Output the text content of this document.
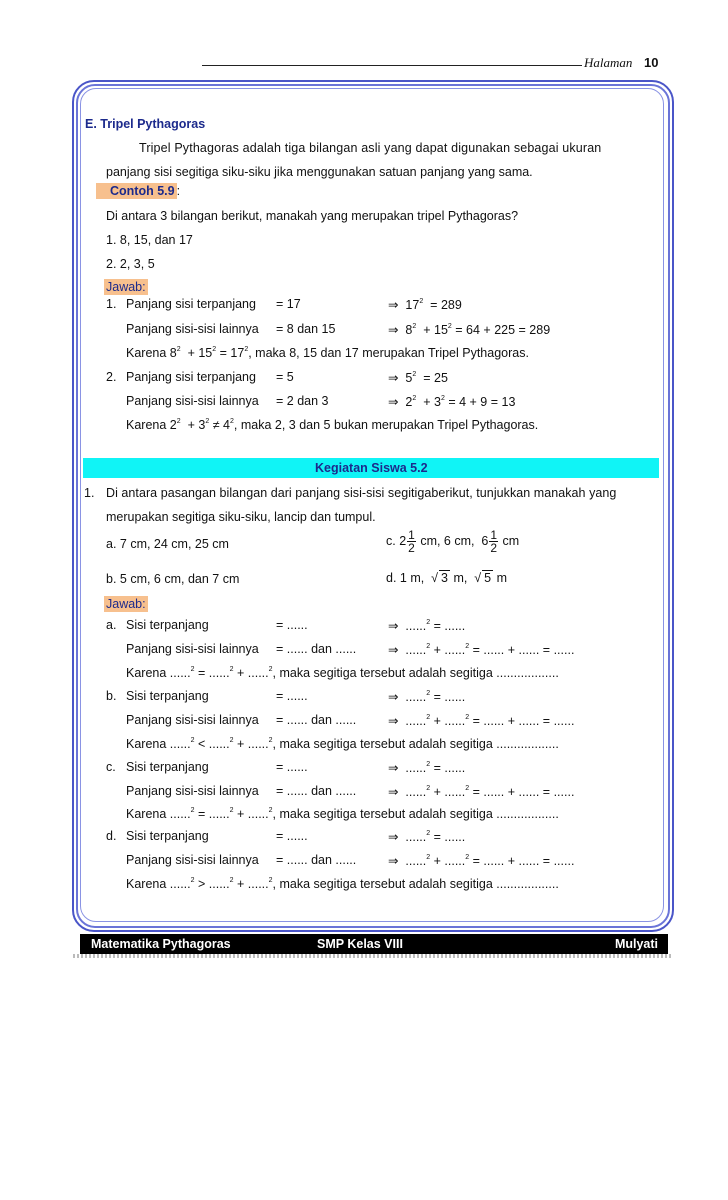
Halaman 10
E. Tripel Pythagoras
Tripel Pythagoras adalah tiga bilangan asli yang dapat digunakan sebagai ukuran
panjang sisi segitiga siku-siku jika menggunakan satuan panjang yang sama.
Contoh 5.9 :
Di antara 3 bilangan berikut, manakah yang merupakan tripel Pythagoras?
1. 8, 15, dan 17
2. 2, 3, 5
Jawab:
1. Panjang sisi terpanjang = 17	⇒  $17^2 = 289$
Panjang sisi-sisi lainnya = 8 dan 15	⇒  $8^2 + 15^2 = 64 + 225 = 289$
Karena $8^2 + 15^2 = 17^2$, maka 8, 15 dan 17 merupakan Tripel Pythagoras.
2. Panjang sisi terpanjang = 5	⇒  $5^2 = 25$
Panjang sisi-sisi lainnya = 2 dan 3	⇒  $2^2 + 3^2 = 4 + 9 = 13$
Karena $2^2 + 3^2 \ne 4^2$, maka 2, 3 dan 5 bukan merupakan Tripel Pythagoras.
Kegiatan Siswa 5.2
1. Di antara pasangan bilangan dari panjang sisi-sisi segitigaberikut, tunjukkan manakah yang
merupakan segitiga siku-siku, lancip dan tumpul.
a. 7 cm, 24 cm, 25 cm	c. $2 \frac{1}{2}$ cm, 6 cm,  $6 \frac{1}{2}$ cm
b. 5 cm, 6 cm, dan 7 cm	d. 1 m,  √ 3 m,  √ 5 m
Jawab:
a. Sisi terpanjang	= ......	⇒  ......$^2$ = ......
Panjang sisi-sisi lainnya = ...... dan ......	⇒  ......$^2$ + ......$^2$ = ...... + ...... = ......
Karena ......$^2$ = ......$^2$ + ......$^2$, maka segitiga tersebut adalah segitiga ..................
b. Sisi terpanjang	= ......	⇒  ......$^2$ = ......
Panjang sisi-sisi lainnya = ...... dan ......	⇒  ......$^2$ + ......$^2$ = ...... + ...... = ......
Karena ......$^2$ < ......$^2$ + ......$^2$, maka segitiga tersebut adalah segitiga ..................
c. Sisi terpanjang	= ......	⇒  ......$^2$ = ......
Panjang sisi-sisi lainnya = ...... dan ......	⇒  ......$^2$ + ......$^2$ = ...... + ...... = ......
Karena ......$^2$ = ......$^2$ + ......$^2$, maka segitiga tersebut adalah segitiga ..................
d. Sisi terpanjang	= ......	⇒  ......$^2$ = ......
Panjang sisi-sisi lainnya = ...... dan ......	⇒  ......$^2$ + ......$^2$ = ...... + ...... = ......
Karena ......$^2$ > ......$^2$ + ......$^2$, maka segitiga tersebut adalah segitiga ..................
Matematika Pythagoras	SMP Kelas VIII	Mulyati
